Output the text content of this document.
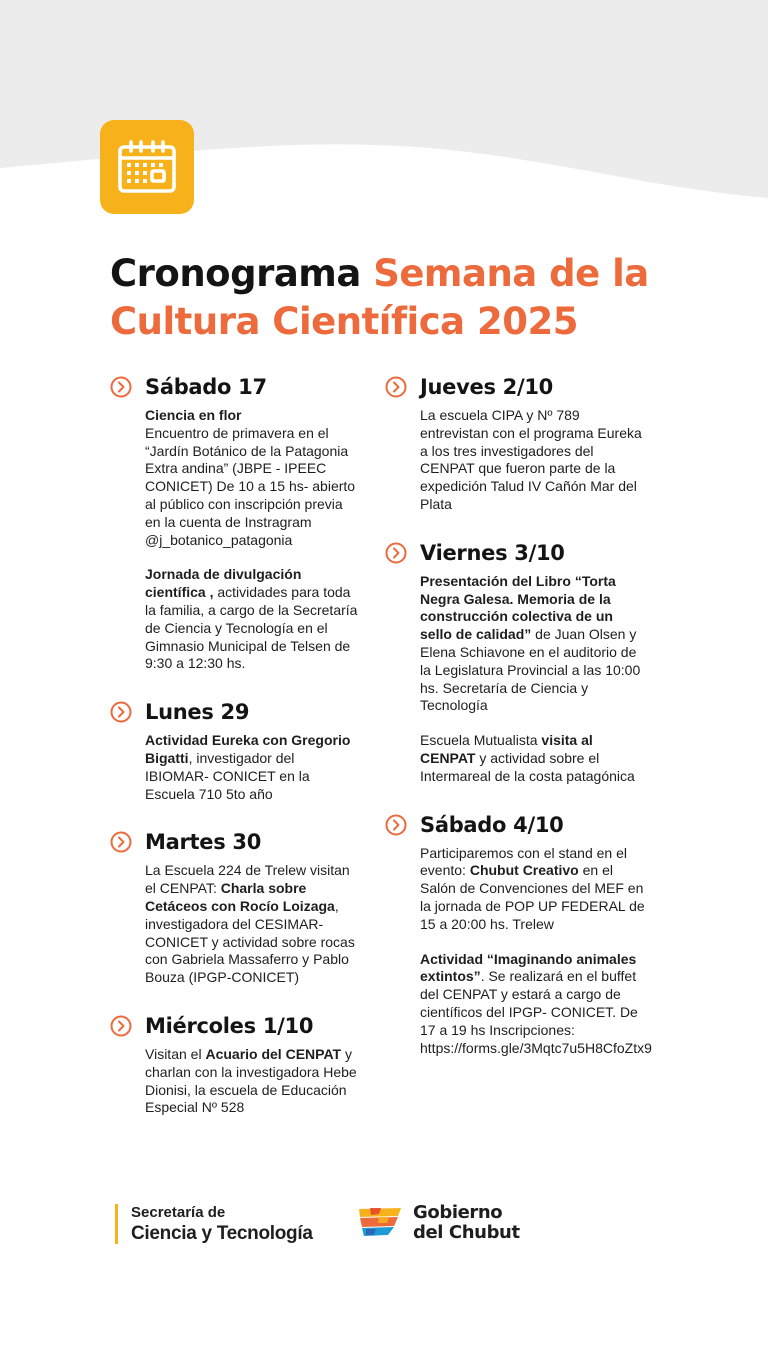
Cronograma Semana de la Cultura Científica 2025
Sábado 17

Ciencia en flor
Encuentro de primavera en el “Jardín Botánico de la Patagonia Extra andina” (JBPE - IPEEC CONICET) De 10 a 15 hs- abierto al público con inscripción previa en la cuenta de Instragram @j_botanico_patagonia

Jornada de divulgación científica , actividades para toda la familia, a cargo de la Secretaría de Ciencia y Tecnología en el Gimnasio Municipal de Telsen de 9:30 a 12:30 hs.

Lunes 29

Actividad Eureka con Gregorio Bigatti, investigador del IBIOMAR- CONICET en la Escuela 710 5to año

Martes 30

La Escuela 224 de Trelew visitan el CENPAT: Charla sobre Cetáceos con Rocío Loizaga, investigadora del CESIMAR- CONICET y actividad sobre rocas con Gabriela Massaferro y Pablo Bouza (IPGP-CONICET)

Miércoles 1/10

Visitan el Acuario del CENPAT y charlan con la investigadora Hebe Dionisi, la escuela de Educación Especial Nº 528

Jueves 2/10

La escuela CIPA y Nº 789 entrevistan con el programa Eureka a los tres investigadores del CENPAT que fueron parte de la expedición Talud IV Cañón Mar del Plata

Viernes 3/10

Presentación del Libro “Torta Negra Galesa. Memoria de la construcción colectiva de un sello de calidad” de Juan Olsen y Elena Schiavone en el auditorio de la Legislatura Provincial a las 10:00 hs. Secretaría de Ciencia y Tecnología

Escuela Mutualista visita al CENPAT y actividad sobre el Intermareal de la costa patagónica

Sábado 4/10

Participaremos con el stand en el evento: Chubut Creativo en el Salón de Convenciones del MEF en la jornada de POP UP FEDERAL de 15 a 20:00 hs. Trelew

Actividad “Imaginando animales extintos”. Se realizará en el buffet del CENPAT y estará a cargo de científicos del IPGP- CONICET. De 17 a 19 hs Inscripciones: https://forms.gle/3Mqtc7u5H8CfoZtx9

Secretaría de
Ciencia y Tecnología
Gobierno
del Chubut
